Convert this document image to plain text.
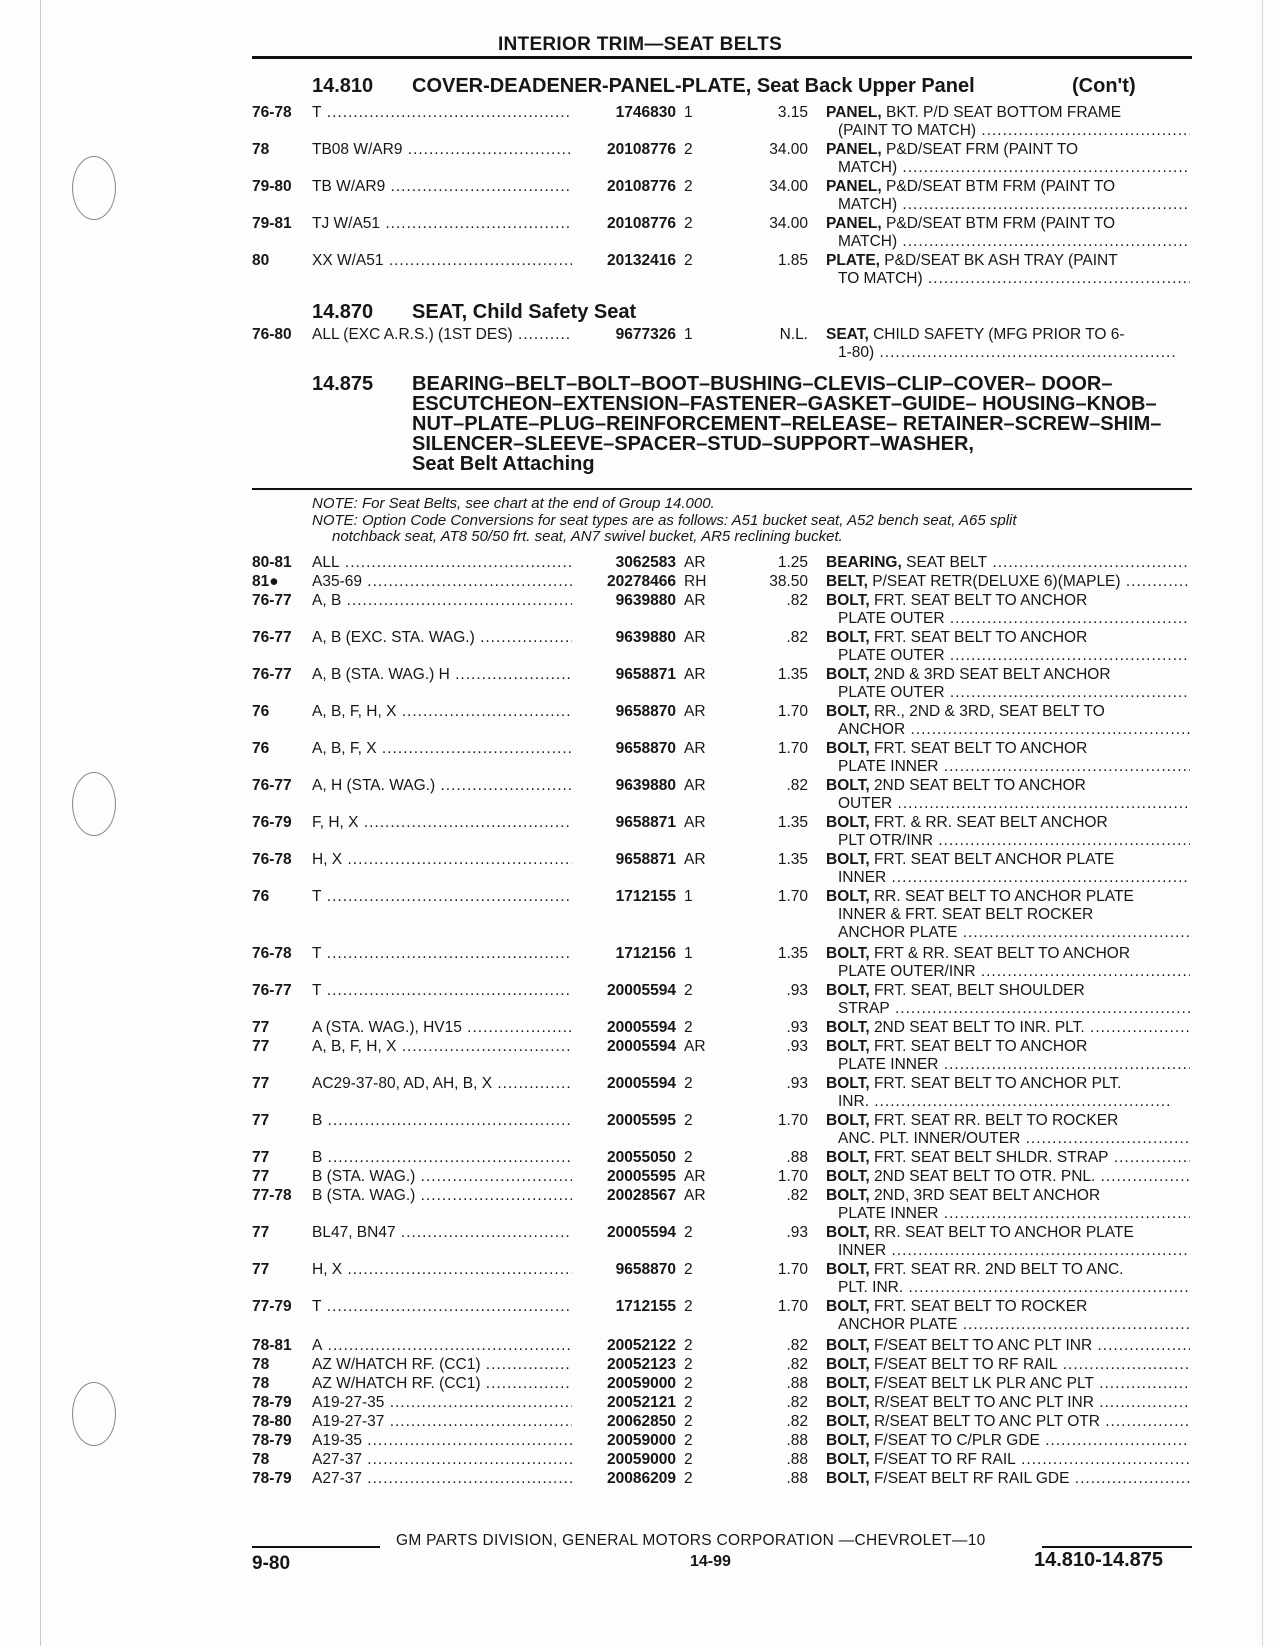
INTERIOR TRIM—SEAT BELTS
14.810 COVER-DEADENER-PANEL-PLATE, Seat Back Upper Panel	(Con't)
14.870 SEAT, Child Safety Seat
14.875 BEARING–BELT–BOLT–BOOT–BUSHING–CLEVIS–CLIP–COVER– DOOR–ESCUTCHEON–EXTENSION–FASTENER–GASKET–GUIDE– HOUSING–KNOB–NUT–PLATE–PLUG–REINFORCEMENT–RELEASE– RETAINER–SCREW–SHIM–SILENCER–SLEEVE–SPACER–STUD–SUPPORT–WASHER,
Seat Belt Attaching
NOTE: For Seat Belts, see chart at the end of Group 14.000.
NOTE: Option Code Conversions for seat types are as follows: A51 bucket seat, A52 bench seat, A65 split
notchback seat, AT8 50/50 frt. seat, AN7 swivel bucket, AR5 reclining bucket.
76-78 T .....	1746830 1	3.15 PANEL, BKT. P/D SEAT BOTTOM FRAME
(PAINT TO MATCH) .....
78	TB08 W/AR9 .....	20108776 2	34.00 PANEL, P&D/SEAT FRM (PAINT TO
MATCH) .....
79-80 TB W/AR9 .....	20108776 2	34.00 PANEL, P&D/SEAT BTM FRM (PAINT TO
MATCH) .....
79-81 TJ W/A51 .....	20108776 2	34.00 PANEL, P&D/SEAT BTM FRM (PAINT TO
MATCH) .....
80	XX W/A51 .....	20132416 2	1.85 PLATE, P&D/SEAT BK ASH TRAY (PAINT
TO MATCH) .....
76-80 ALL (EXC A.R.S.) (1ST DES) .....	9677326 1	N.L. SEAT, CHILD SAFETY (MFG PRIOR TO 6-
1-80) .....
80-81 ALL .....	3062583 AR	1.25 BEARING, SEAT BELT .....
81● A35-69 .....	20278466 RH	38.50 BELT, P/SEAT RETR(DELUXE 6)(MAPLE) .....
76-77 A, B .....	9639880 AR	.82 BOLT, FRT. SEAT BELT TO ANCHOR
PLATE OUTER .....
76-77 A, B (EXC. STA. WAG.) .....	9639880 AR	.82 BOLT, FRT. SEAT BELT TO ANCHOR
PLATE OUTER .....
76-77 A, B (STA. WAG.) H .....	9658871 AR	1.35 BOLT, 2ND & 3RD SEAT BELT ANCHOR
PLATE OUTER .....
76	A, B, F, H, X .....	9658870 AR	1.70 BOLT, RR., 2ND & 3RD, SEAT BELT TO
ANCHOR .....
76	A, B, F, X .....	9658870 AR	1.70 BOLT, FRT. SEAT BELT TO ANCHOR
PLATE INNER .....
76-77 A, H (STA. WAG.) .....	9639880 AR	.82 BOLT, 2ND SEAT BELT TO ANCHOR
OUTER .....
76-79 F, H, X .....	9658871 AR	1.35 BOLT, FRT. & RR. SEAT BELT ANCHOR
PLT OTR/INR .....
76-78 H, X .....	9658871 AR	1.35 BOLT, FRT. SEAT BELT ANCHOR PLATE
INNER .....
76	T .....	1712155 1	1.70 BOLT, RR. SEAT BELT TO ANCHOR PLATE
INNER & FRT. SEAT BELT ROCKER
ANCHOR PLATE .....
76-78 T .....	1712156 1	1.35 BOLT, FRT & RR. SEAT BELT TO ANCHOR
PLATE OUTER/INR .....
76-77 T .....	20005594 2	.93 BOLT, FRT. SEAT, BELT SHOULDER
STRAP .....
77	A (STA. WAG.), HV15 .....	20005594 2	.93 BOLT, 2ND SEAT BELT TO INR. PLT. .....
77	A, B, F, H, X .....	20005594 AR	.93 BOLT, FRT. SEAT BELT TO ANCHOR
PLATE INNER .....
77	AC29-37-80, AD, AH, B, X .....	20005594 2	.93 BOLT, FRT. SEAT BELT TO ANCHOR PLT.
INR. .....
77	B .....	20005595 2	1.70 BOLT, FRT. SEAT RR. BELT TO ROCKER
ANC. PLT. INNER/OUTER .....
77	B .....	20055050 2	.88 BOLT, FRT. SEAT BELT SHLDR. STRAP .....
77	B (STA. WAG.) .....	20005595 AR	1.70 BOLT, 2ND SEAT BELT TO OTR. PNL. .....
77-78 B (STA. WAG.) .....	20028567 AR	.82 BOLT, 2ND, 3RD SEAT BELT ANCHOR
PLATE INNER .....
77	BL47, BN47 .....	20005594 2	.93 BOLT, RR. SEAT BELT TO ANCHOR PLATE
INNER .....
77	H, X .....	9658870 2	1.70 BOLT, FRT. SEAT RR. 2ND BELT TO ANC.
PLT. INR. .....
77-79 T .....	1712155 2	1.70 BOLT, FRT. SEAT BELT TO ROCKER
ANCHOR PLATE .....
78-81 A .....	20052122 2	.82 BOLT, F/SEAT BELT TO ANC PLT INR .....
78	AZ W/HATCH RF. (CC1) .....	20052123 2	.82 BOLT, F/SEAT BELT TO RF RAIL .....
78	AZ W/HATCH RF. (CC1) .....	20059000 2	.88 BOLT, F/SEAT BELT LK PLR ANC PLT .....
78-79 A19-27-35 .....	20052121 2	.82 BOLT, R/SEAT BELT TO ANC PLT INR .....
78-80 A19-27-37 .....	20062850 2	.82 BOLT, R/SEAT BELT TO ANC PLT OTR .....
78-79 A19-35 .....	20059000 2	.88 BOLT, F/SEAT TO C/PLR GDE .....
78	A27-37 .....	20059000 2	.88 BOLT, F/SEAT TO RF RAIL .....
78-79 A27-37 .....	20086209 2	.88 BOLT, F/SEAT BELT RF RAIL GDE .....
GM PARTS DIVISION, GENERAL MOTORS CORPORATION —CHEVROLET—10
9-80	14-99	14.810-14.875
